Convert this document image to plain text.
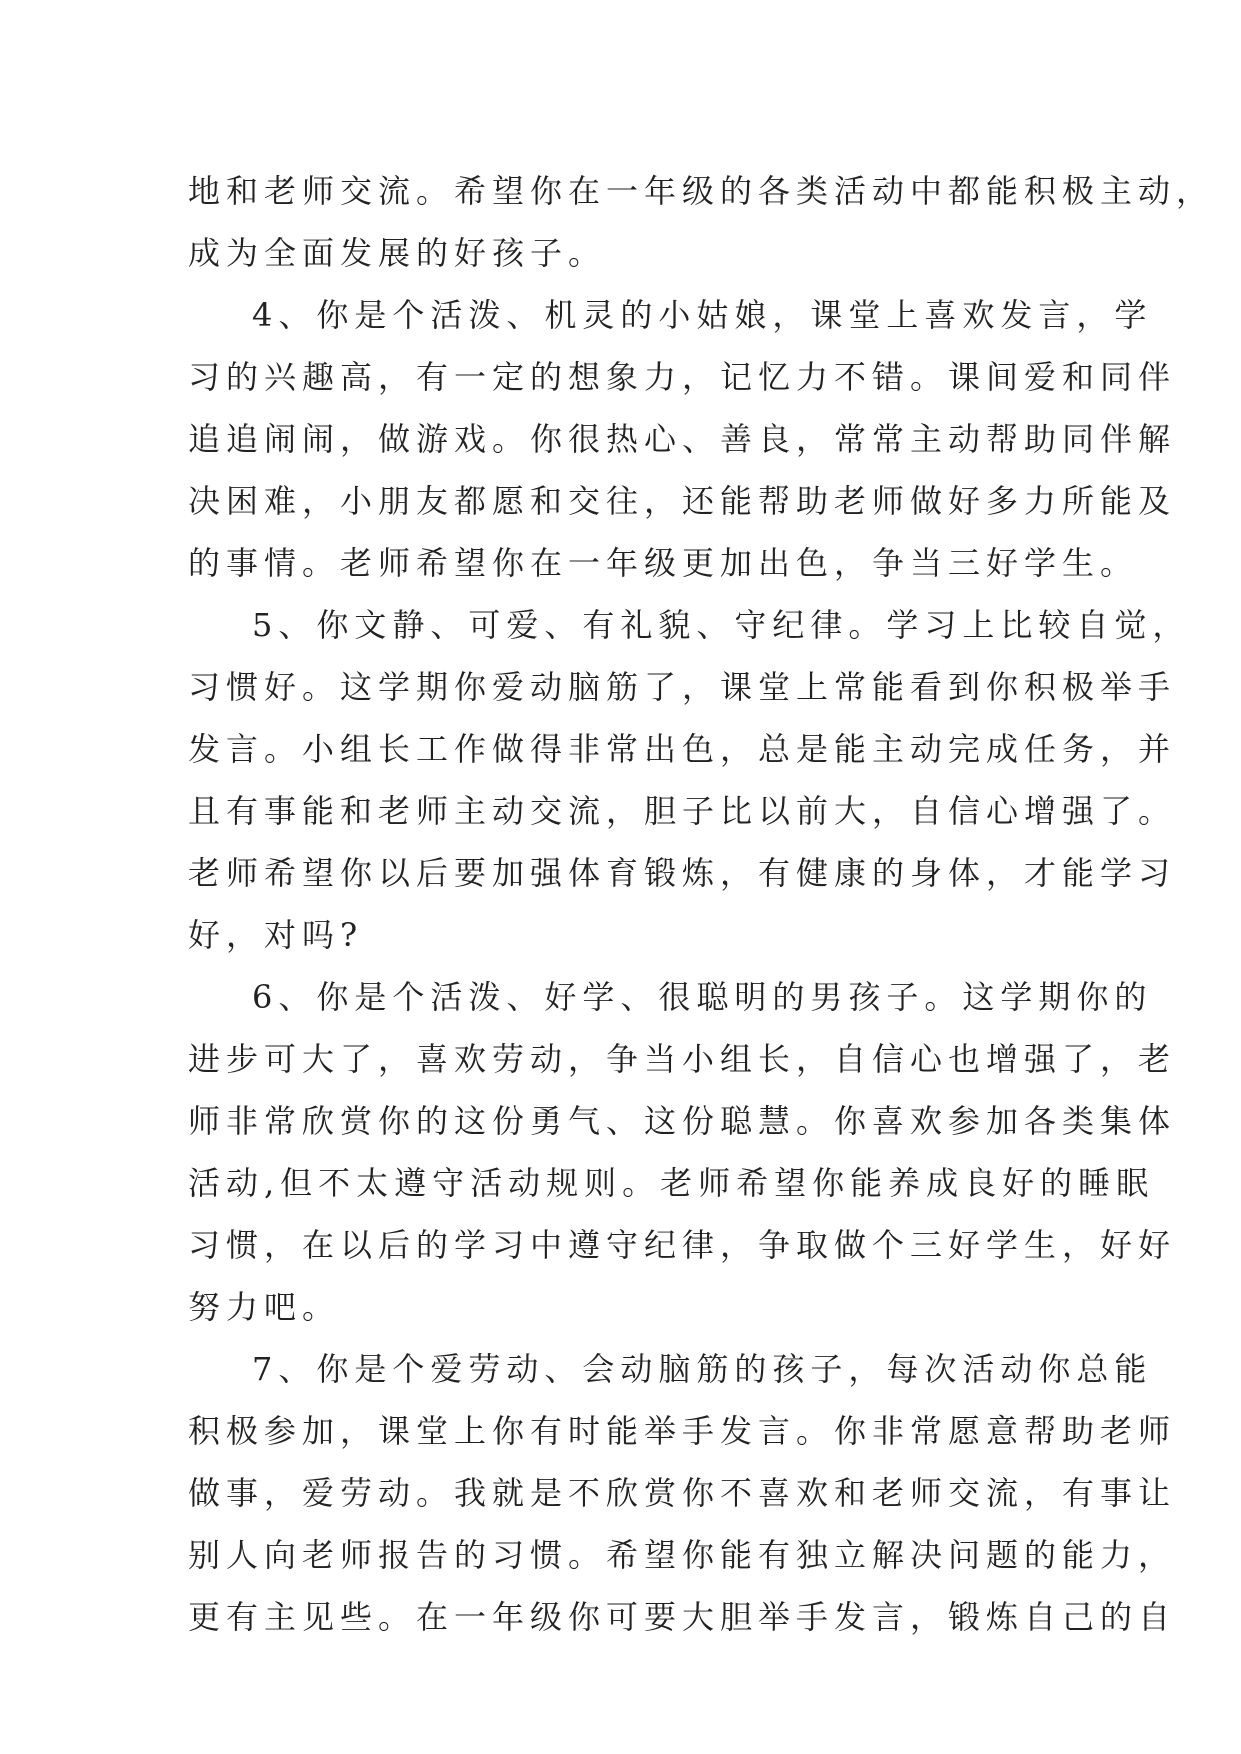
地和老师交流。希望你在一年级的各类活动中都能积极主动，
成为全面发展的好孩子。
4、你是个活泼、机灵的小姑娘，课堂上喜欢发言，学
习的兴趣高，有一定的想象力，记忆力不错。课间爱和同伴
追追闹闹，做游戏。你很热心、善良，常常主动帮助同伴解
决困难，小朋友都愿和交往，还能帮助老师做好多力所能及
的事情。老师希望你在一年级更加出色，争当三好学生。
5、你文静、可爱、有礼貌、守纪律。学习上比较自觉，
习惯好。这学期你爱动脑筋了，课堂上常能看到你积极举手
发言。小组长工作做得非常出色，总是能主动完成任务，并
且有事能和老师主动交流，胆子比以前大，自信心增强了。
老师希望你以后要加强体育锻炼，有健康的身体，才能学习
好，对吗?
6、你是个活泼、好学、很聪明的男孩子。这学期你的
进步可大了，喜欢劳动，争当小组长，自信心也增强了，老
师非常欣赏你的这份勇气、这份聪慧。你喜欢参加各类集体
活动,但不太遵守活动规则。老师希望你能养成良好的睡眠
习惯，在以后的学习中遵守纪律，争取做个三好学生，好好
努力吧。
7、你是个爱劳动、会动脑筋的孩子，每次活动你总能
积极参加，课堂上你有时能举手发言。你非常愿意帮助老师
做事，爱劳动。我就是不欣赏你不喜欢和老师交流，有事让
别人向老师报告的习惯。希望你能有独立解决问题的能力，
更有主见些。在一年级你可要大胆举手发言，锻炼自己的自
